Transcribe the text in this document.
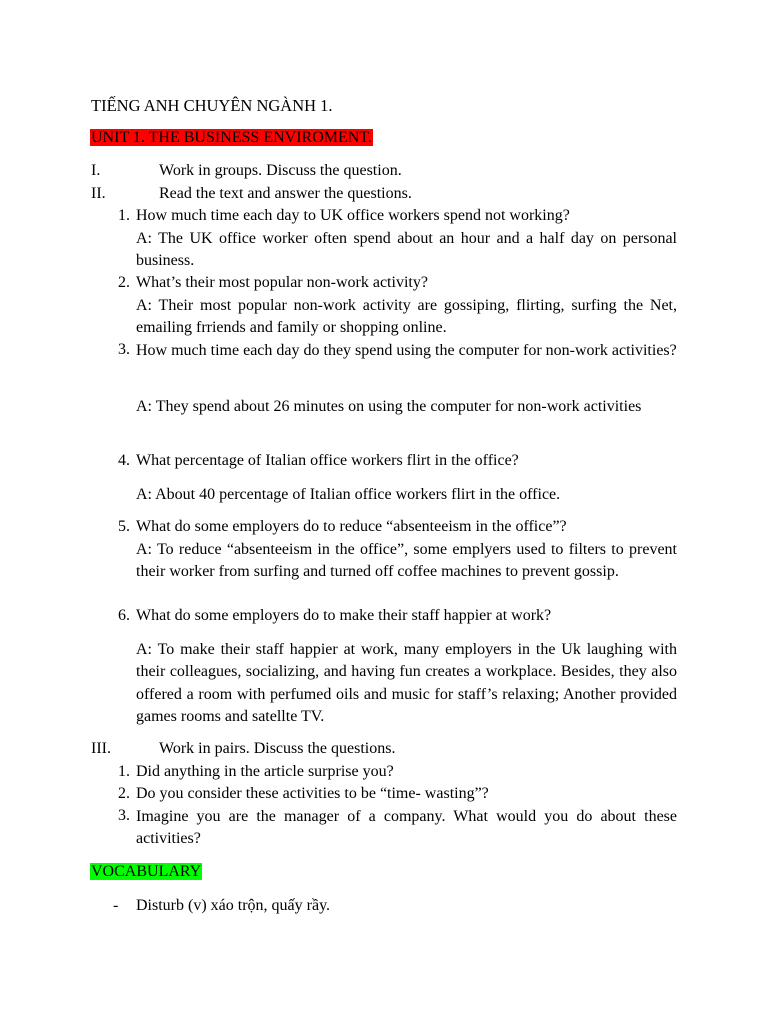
TIẾNG ANH CHUYÊN NGÀNH 1.
UNIT 1. THE BUSINESS ENVIROMENT.
I.	Work in groups. Discuss the question.
II.	Read the text and answer the questions.
1. How much time each day to UK office workers spend not working?
A: The UK office worker often spend about an hour and a half day on personal business.
2. What’s their most popular non-work activity?
A: Their most popular non-work activity are gossiping, flirting, surfing the Net, emailing frriends and family or shopping online.
3. How much time each day do they spend using the computer for non-work activities?
A: They spend about 26 minutes on using the computer for non-work activities
4. What percentage of Italian office workers flirt in the office?
A: About 40 percentage of Italian office workers flirt in the office.
5. What do some employers do to reduce “absenteeism in the office”?
A: To reduce “absenteeism in the office”, some emplyers used to filters to prevent their worker from surfing and turned off coffee machines to prevent gossip.
6. What do some employers do to make their staff happier at work?
A: To make their staff happier at work, many employers in the Uk laughing with their colleagues, socializing, and having fun creates a workplace. Besides, they also offered a room with perfumed oils and music for staff’s relaxing; Another provided games rooms and satellte TV.
III.	Work in pairs. Discuss the questions.
1. Did anything in the article surprise you?
2. Do you consider these activities to be “time- wasting”?
3. Imagine you are the manager of a company. What would you do about these activities?
VOCABULARY
- Disturb (v) xáo trộn, quấy rầy.
